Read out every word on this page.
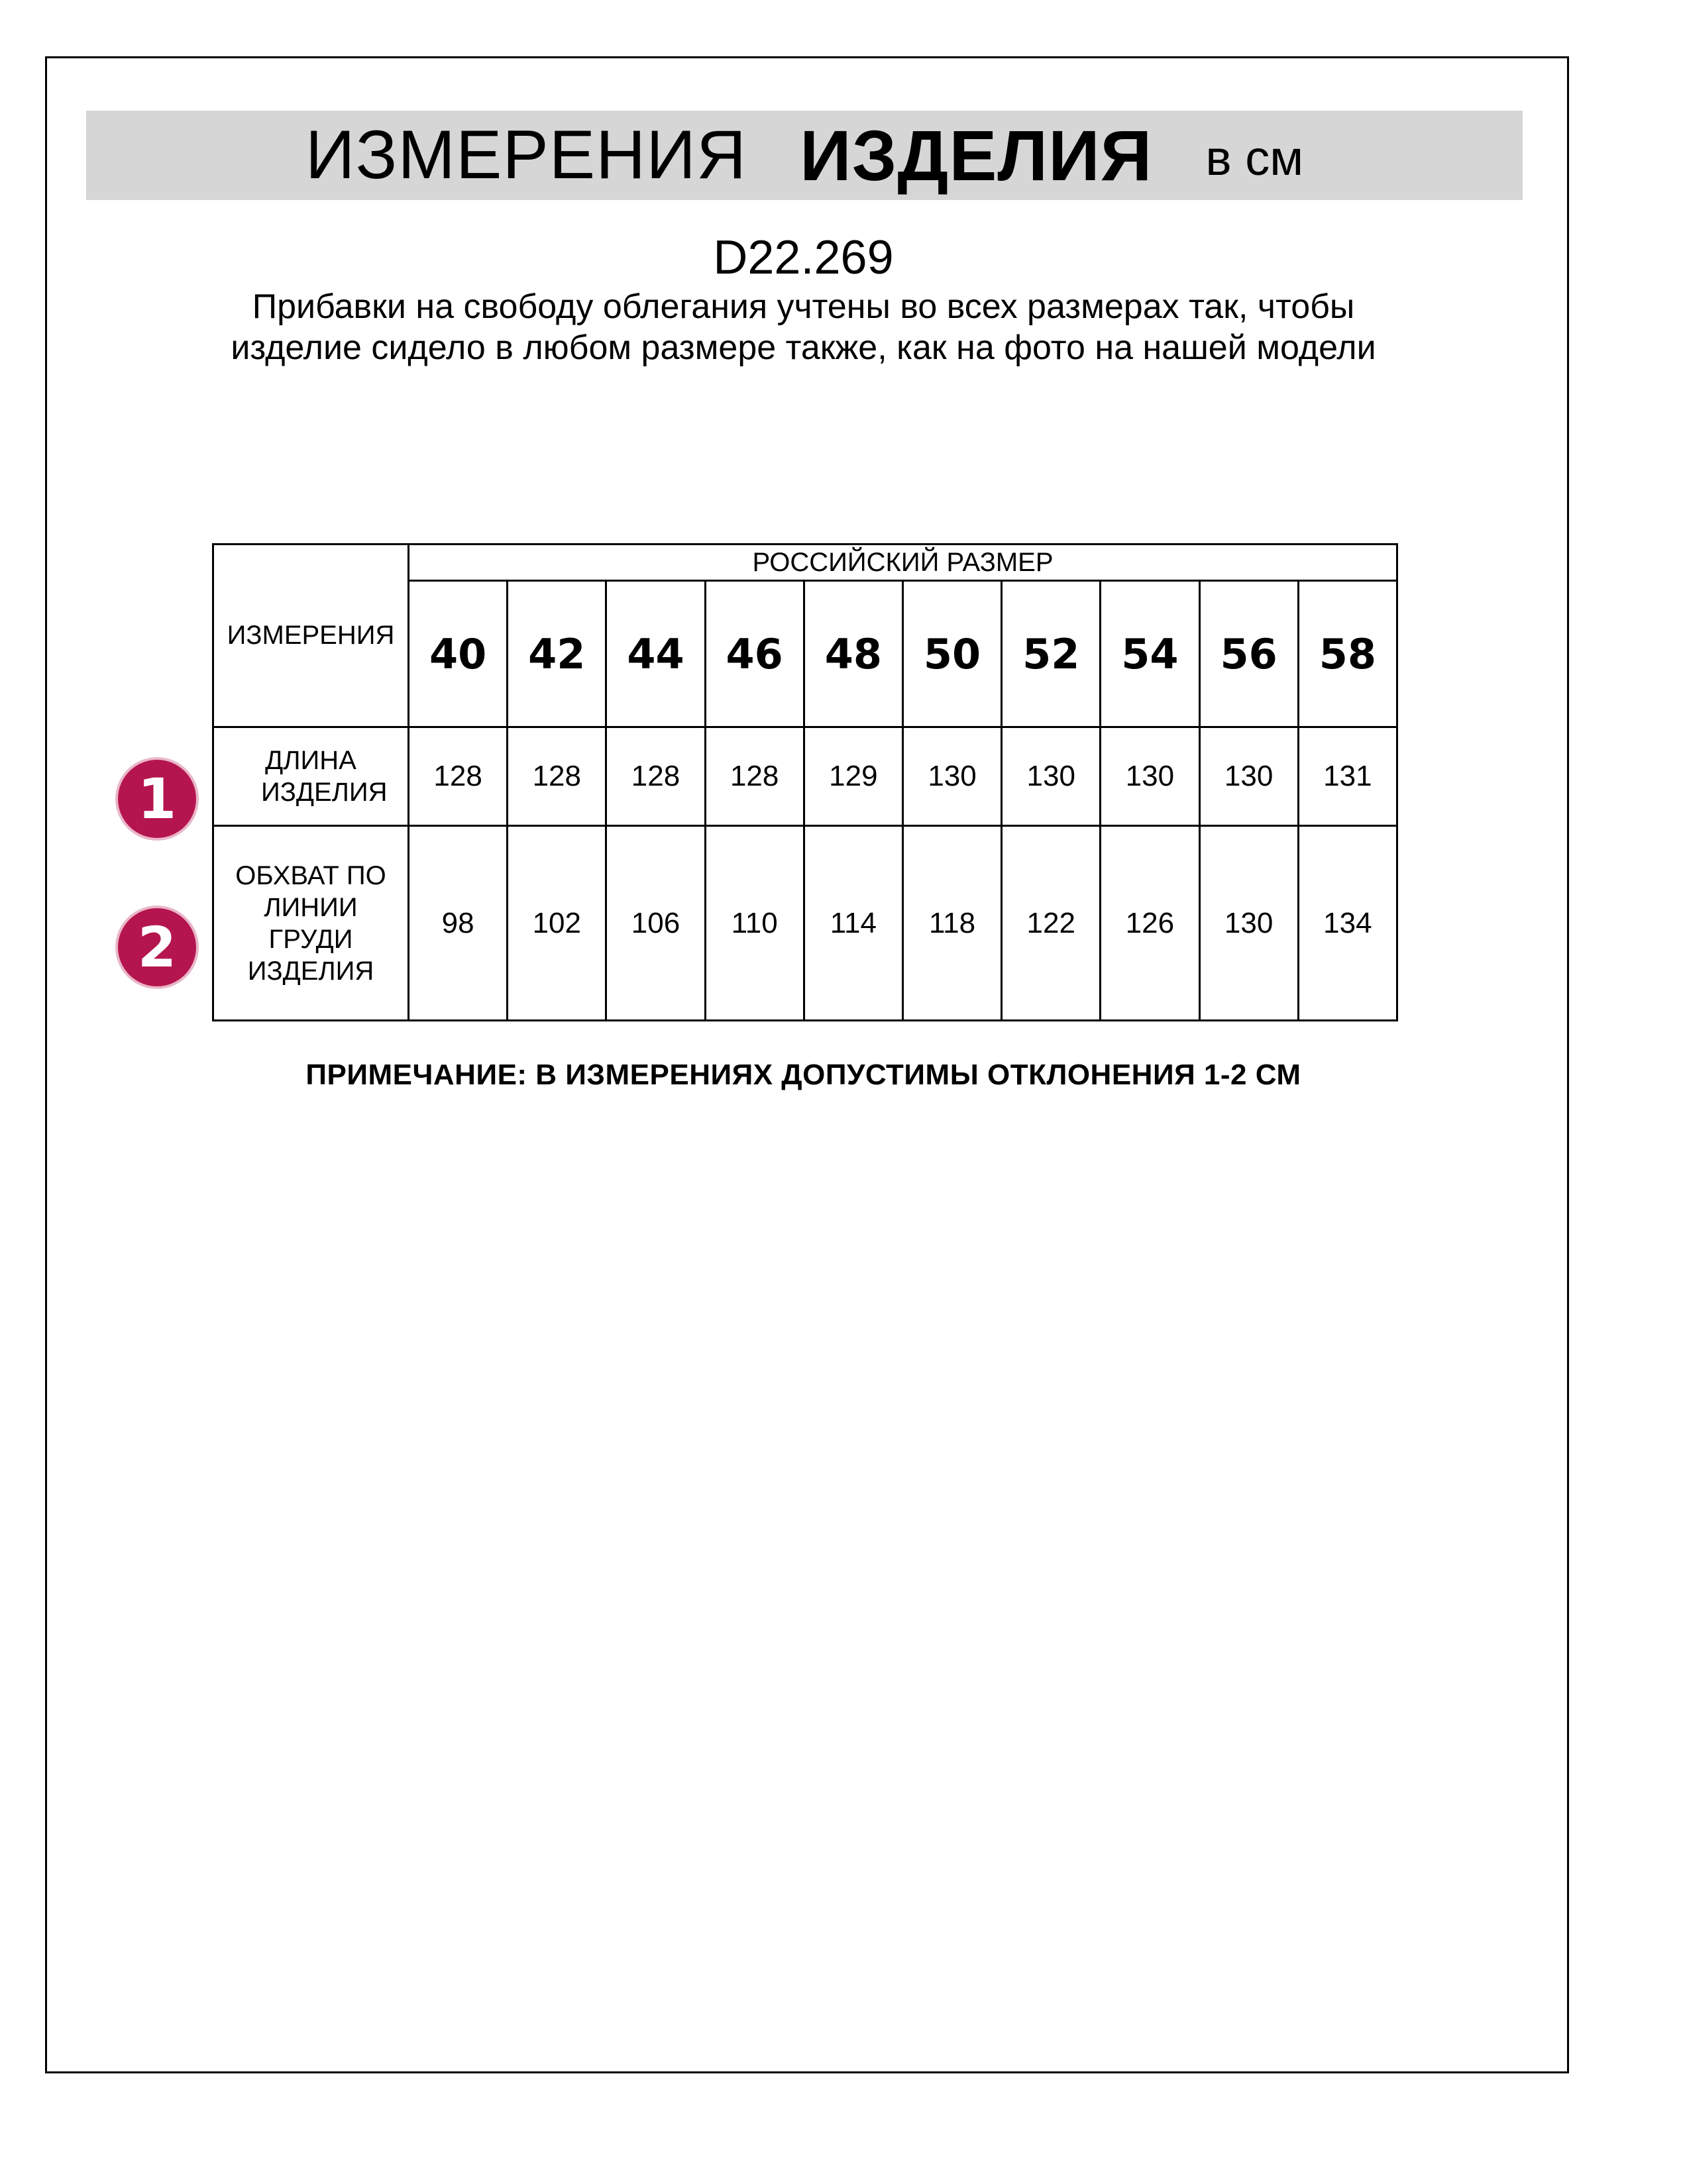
ИЗМЕРЕНИЯ ИЗДЕЛИЯ в см
D22.269
Прибавки на свободу облегания учтены во всех размерах так, чтобы изделие сидело в любом размере также, как на фото на нашей модели
ИЗМЕРЕНИЯ	РОССИЙСКИЙ РАЗМЕР									
	40	42	44	46	48	50	52	54	56	58

ДЛИНА ИЗДЕЛИЯ	128	128	128	128	129	130	130	130	130	131

ОБХВАТ ПО ЛИНИИ ГРУДИ ИЗДЕЛИЯ	98	102	106	110	114	118	122	126	130	134
1
2
ПРИМЕЧАНИЕ: В ИЗМЕРЕНИЯХ ДОПУСТИМЫ ОТКЛОНЕНИЯ 1-2 СМ
